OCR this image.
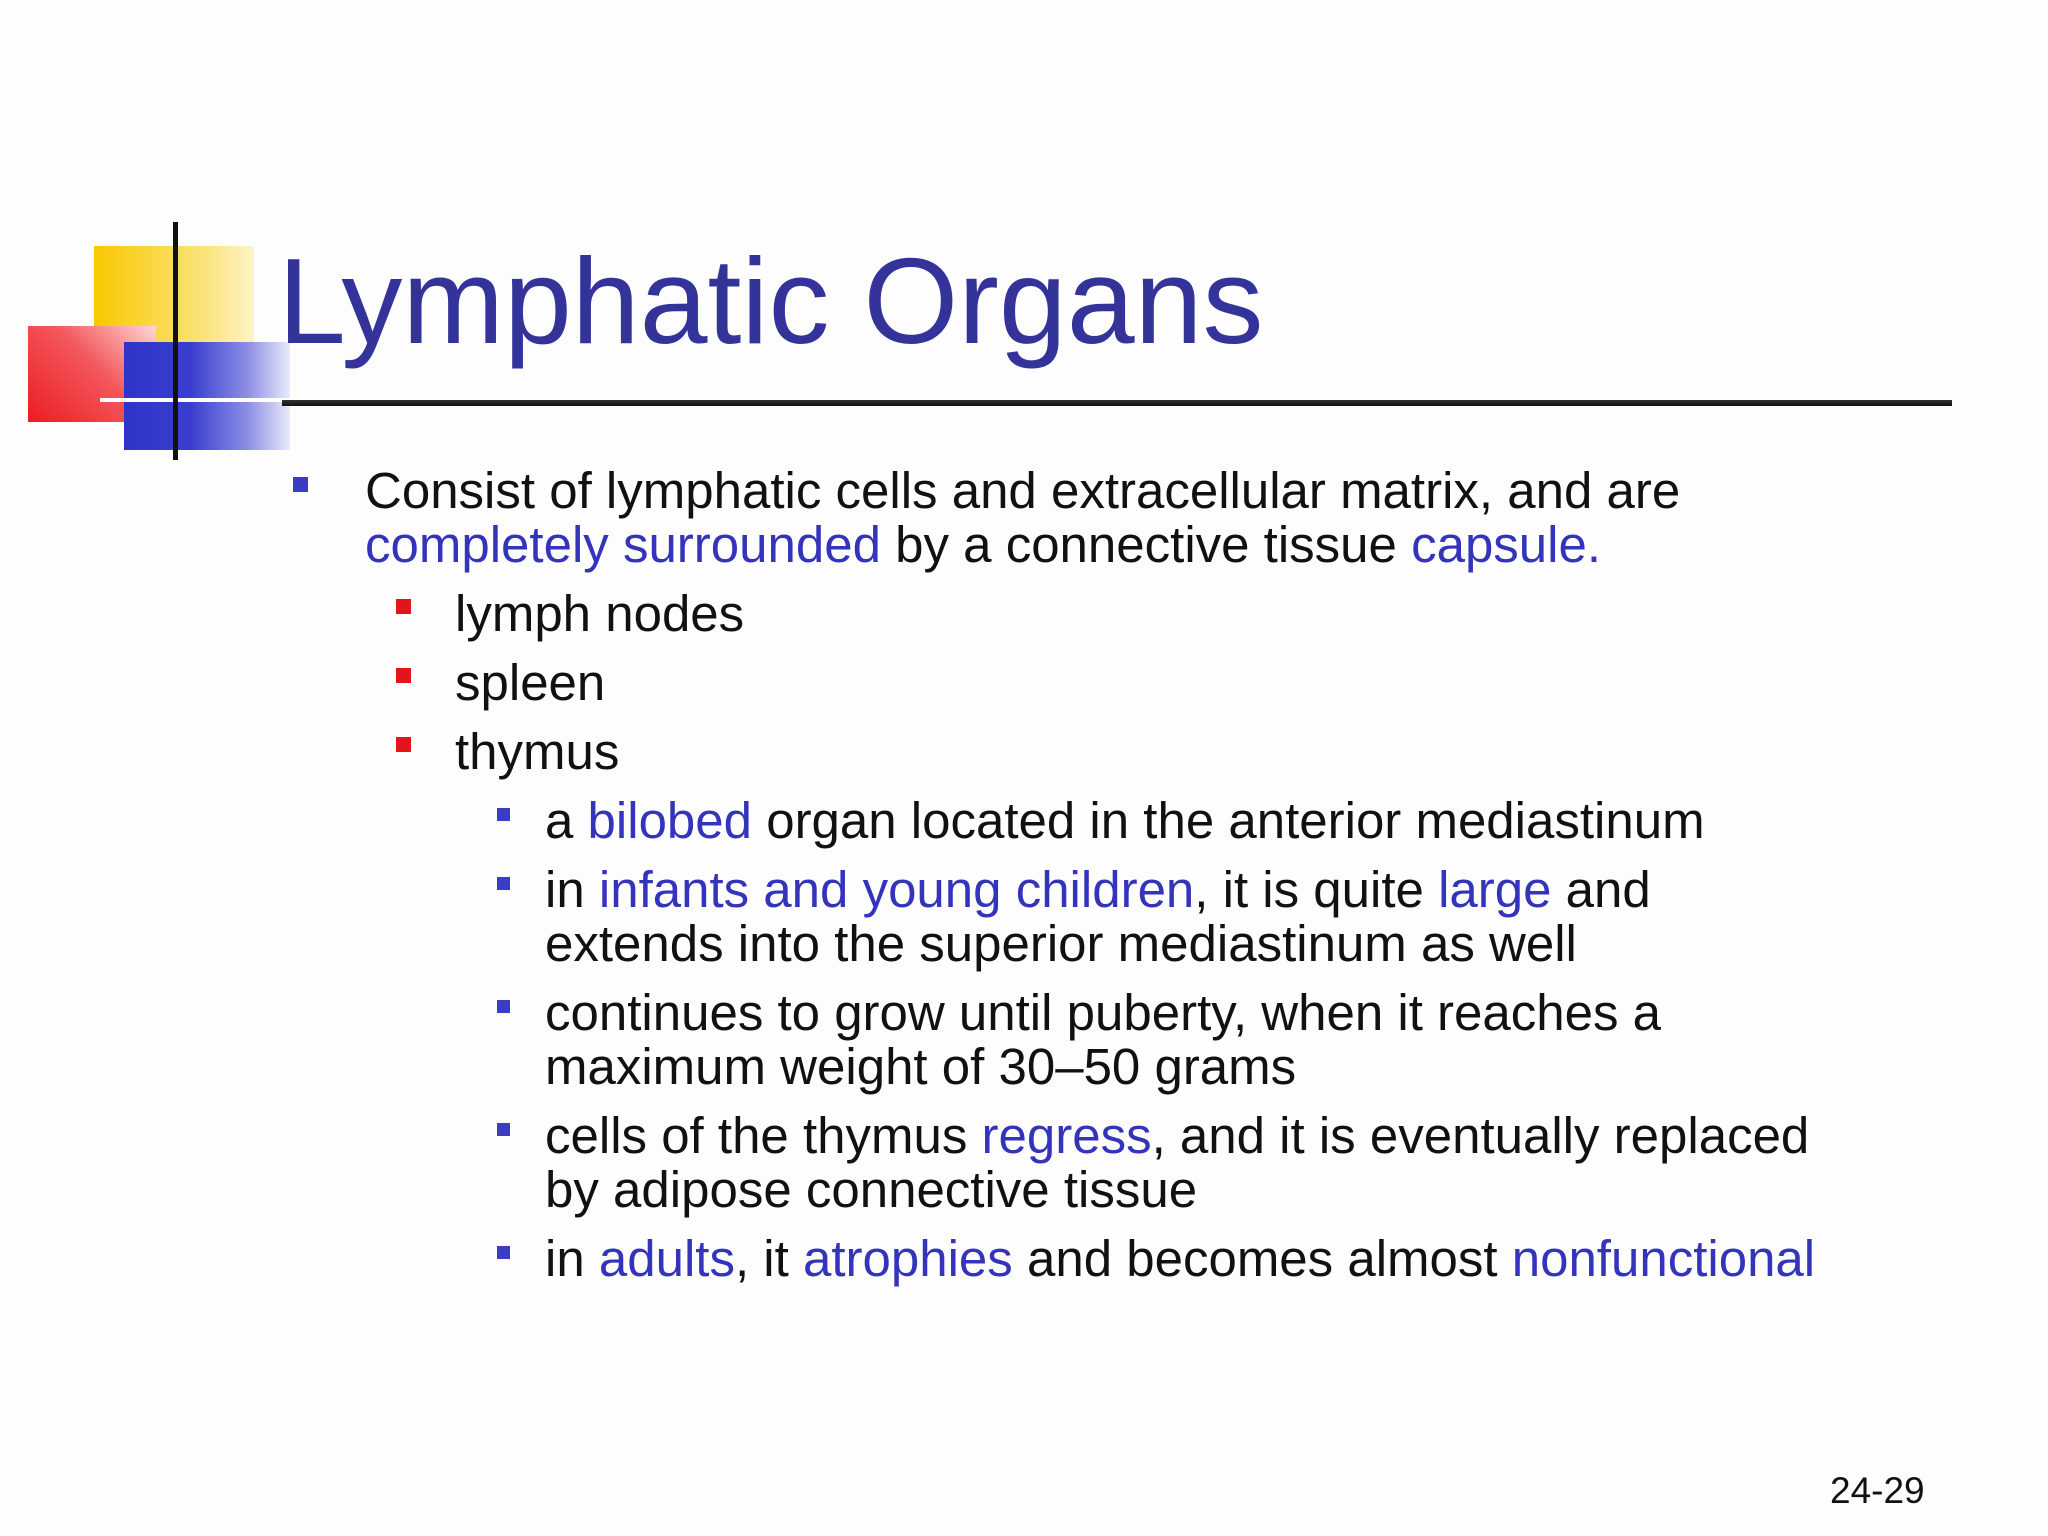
Lymphatic Organs
Consist of lymphatic cells and extracellular matrix, and are
completely surrounded by a connective tissue capsule.
lymph nodes
spleen
thymus
a bilobed organ located in the anterior mediastinum
in infants and young children, it is quite large and
extends into the superior mediastinum as well
continues to grow until puberty, when it reaches a
maximum weight of 30–50 grams
cells of the thymus regress, and it is eventually replaced
by adipose connective tissue
in adults, it atrophies and becomes almost nonfunctional
24-29
